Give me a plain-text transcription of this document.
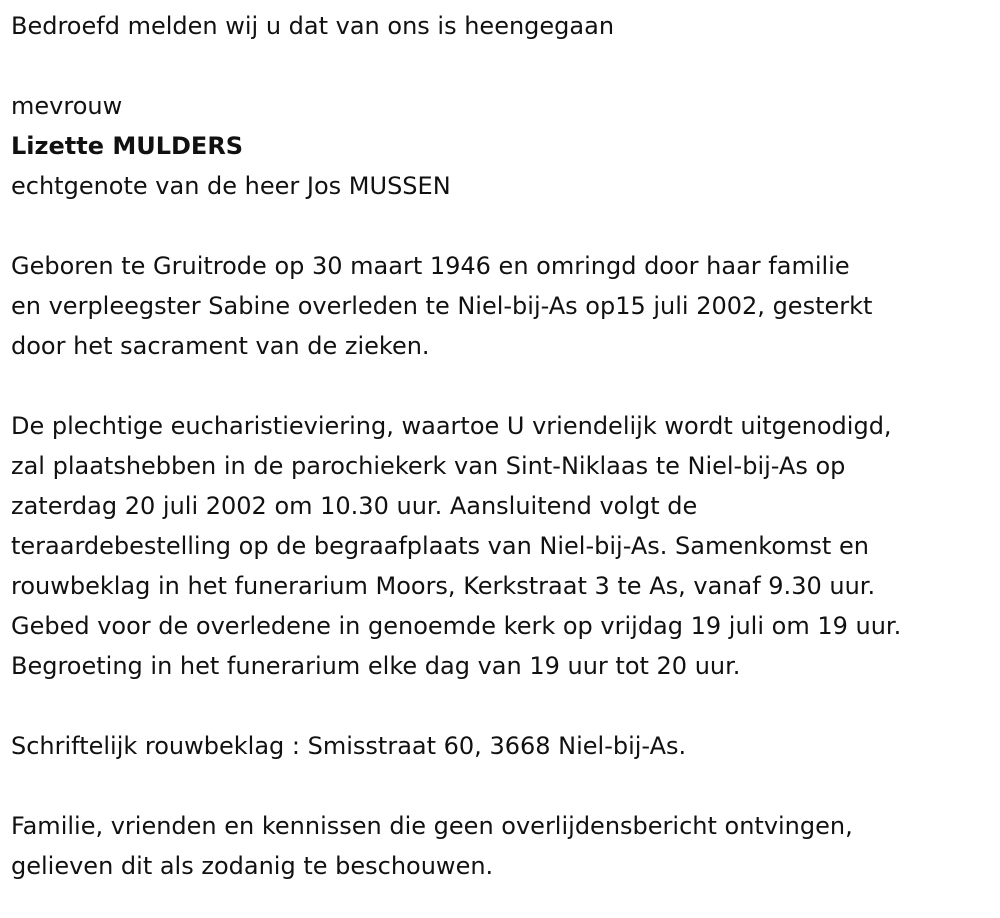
Bedroefd melden wij u dat van ons is heengegaan

mevrouw

Lizette MULDERS

echtgenote van de heer Jos MUSSEN

Geboren te Gruitrode op 30 maart 1946 en omringd door haar familie

en verpleegster Sabine overleden te Niel-bij-As op15 juli 2002, gesterkt

door het sacrament van de zieken.

De plechtige eucharistieviering, waartoe U vriendelijk wordt uitgenodigd,

zal plaatshebben in de parochiekerk van Sint-Niklaas te Niel-bij-As op

zaterdag 20 juli 2002 om 10.30 uur. Aansluitend volgt de

teraardebestelling op de begraafplaats van Niel-bij-As. Samenkomst en

rouwbeklag in het funerarium Moors, Kerkstraat 3 te As, vanaf 9.30 uur.

Gebed voor de overledene in genoemde kerk op vrijdag 19 juli om 19 uur.

Begroeting in het funerarium elke dag van 19 uur tot 20 uur.

Schriftelijk rouwbeklag : Smisstraat 60, 3668 Niel-bij-As.

Familie, vrienden en kennissen die geen overlijdensbericht ontvingen,

gelieven dit als zodanig te beschouwen.
